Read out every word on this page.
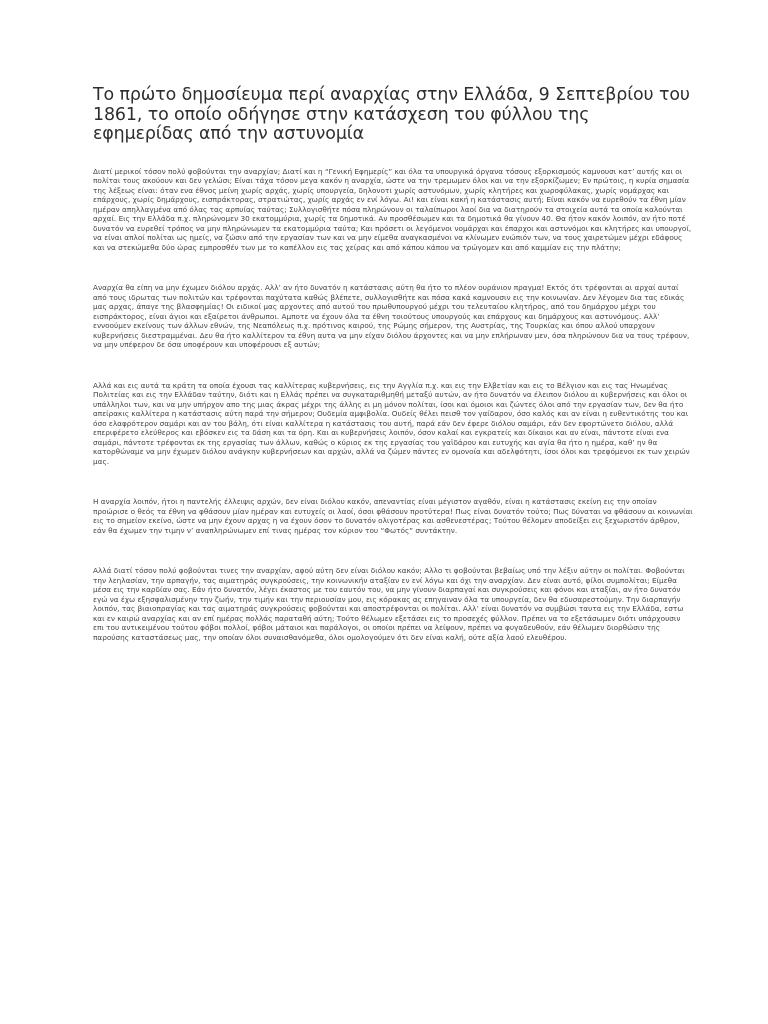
Το πρώτο δημοσίευμα περί αναρχίας στην Ελλάδα, 9 Σεπτεβρίου του 1861, το οποίο οδήγησε στην κατάσχεση του φύλλου της εφημερίδας από την αστυνομία

Διατί μερικοί τόσον πολύ φοβούνται την αναρχίαν; Διατί και η “Γενική Εφημερίς” και όλα τα υπουργικά όργανα τόσους εξορκισμούς καμνουσι κατ’ αυτής και οι πολίται τους ακούουν και δεν γελώσι; Είναι τάχα τόσον μεγα κακόν η αναρχία, ώστε να την τρεμωμεν όλοι και να την εξορκίζωμεν; Εν πρώτοις, η κυρία σημασία της λέξεως είναι: όταν ενα έθνος μείνη χωρίς αρχάς, χωρίς υπουργεία, δηλονοτι χωρίς αστυνόμων, χωρίς κλητήρες και χωροφύλακας, χωρίς νομάρχας και επάρχους, χωρίς δημάρχους, εισπράκτορας, στρατιώτας, χωρίς αρχάς εν ενί λόγω. Αι! και είναι κακή η κατάστασις αυτή; Είναι κακόν να ευρεθούν τα έθνη μίαν ημέραν απηλλαγμένα από όλας τας αρπυίας ταύτας; Συλλογισθήτε πόσα πληρώνουν οι ταλαίπωροι λαοί δια να διατηρούν τα στοιχεία αυτά τα οποία καλούνται αρχαί. Εις την Ελλάδα π.χ. πληρώνομεν 30 εκατομμύρια, χωρίς τα δημοτικά. Αν προσθέσωμεν και τα δημοτικά θα γίνουν 40. Θα ήτον κακόν λοιπόν, αν ήτο ποτέ δυνατόν να ευρεθεί τρόπος να μην πληρώνωμεν τα εκατομμύρια ταύτα; Και πρόσετι οι λεγόμενοι νομάρχαι και έπαρχοι και αστυνόμοι και κλητήρες και υπουργοί, να είναι απλοί πολίται ως ημείς, να ζώσιν από την εργασίαν των και να μην είμεθα αναγκασμένοι να κλίνωμεν ενώπιόν των, να τους χαιρετώμεν μέχρι εδάφους και να στεκώμεθα δύο ώρας εμπροσθέν των με το καπέλλον εις τας χείρας και από κάπου κάπου να τρώγομεν και από καμμίαν εις την πλάτην;

Αναρχία θα είπη να μην έχωμεν διόλου αρχάς. Αλλ’ αν ήτο δυνατόν η κατάστασις αύτη θα ήτο το πλέον ουράνιον πραγμα! Εκτός ότι τρέφονται αι αρχαί αυταί από τους ιδρωτας των πολιτών και τρέφονται παχύτατα καθώς βλέπετε, συλλογισθήτε και πόσα κακά καμνουσιν εις την κοινωνίαν. Δεν λέγομεν δια τας εδικάς μας αρχας, άπαγε της βλασφημίας! Οι ειδικοί μας αρχοντες από αυτού του πρωθυπουργού μέχρι του τελευταίου κλητήρος, από του δημάρχου μέχρι του εισπράκτορος, είναι άγιοι και εξαίρετοι άνθρωποι. Αμποτε να έχουν όλα τα έθνη τοιούτους υπουργούς και επάρχους και δημάρχους και αστυνόμους. Αλλ’ εννοούμεν εκείνους των άλλων εθνών, της Νεαπόλεως π.χ. πρότινος καιρού, της Ρώμης σήμερον, της Αυστρίας, της Τουρκίας και όπου αλλού υπαρχουν κυβερνήσεις διεστραμμέναι. Δευ θα ήτο καλλίτερον τα έθνη αυτα να μην είχαν διόλου άρχοντες και να μην επλήρωναν μεν, όσα πληρώνουν δια να τους τρέφουν, να μην υπέφερον δε όσα υποφέρουν και υποφέρουσι εξ αυτών;

Αλλά και εις αυτά τα κράτη τα οποία έχουσι τας καλλίτερας κυβερνήσεις, εις την Αγγλία π.χ. και εις την Ελβετίαν και εις το Βέλγιον και εις τας Ηνωμένας Πολιτείας και εις την Ελλάδαν ταύτην, διότι και η Ελλάς πρέπει να συγκαταριθμηθή μεταξύ αυτών, αν ήτο δυνατόν να έλειπον διόλου αι κυβερνήσεις και όλοι οι υπάλληλοι των, και να μην υπήρχον απο της μιας άκρας μέχρι της άλλης ει μη μόνον πολίται, ίσοι και όμοιοι και ζώντες όλοι από την εργασίαν των, δεν θα ήτο απείρακις καλλίτερα η κατάστασις αύτη παρά την σήμερον; Ουδεμία αμφιβολία. Ουδείς θέλει πεισθ τον γαίδαρον, όσο καλός και αν είναι η ευθεντικότης του και όσο ελαφρότερον σαμάρι και αν του βάλη, ότι είναι καλλίτερα η κατάστασις του αυτή, παρά εάν δεν έφερε διόλου σαμάρι, εάν δεν εφορτώνετο διόλου, αλλά επεριφέρετο ελεύθερος και εβόσκεν εις τα δάση και τα όρη. Και αι κυβερνήσεις λοιπόν, όσον καλαί και εγκρατείς και δίκαιοι και αν είναι, πάντοτε είναι ενα σαμάρι, πάντοτε τρέφονται εκ της εργασίας των άλλων, καθώς ο κύριος εκ της εργασίας του γαϊδάρου και ευτυχής και αγία θα ήτο η ημέρα, καθ’ ην θα κατορθώναμε να μην έχωμεν διόλου ανάγκην κυβερνήσεων και αρχών, αλλά να ζώμεν πάντες εν ομονοία και αδελφότητι, ίσοι όλοι και τρεφόμενοι εκ των χειρών μας.

Η αναρχία λοιπόν, ήτοι η παντελής έλλειψις αρχών, δεν είναι διόλου κακόν, απεναντίας είναι μέγιστον αγαθόν, είναι η κατάστασις εκείνη εις την οποίαν προώρισε ο θεός τα έθνη να φθάσουν μίαν ημέραν και ευτυχείς οι λαοί, όσοι φθάσουν προτύτερα! Πως είναι δυνατόν τούτο; Πως δύναται να φθάσουν αι κοινωνίαι εις το σημείον εκείνο, ώστε να μην έχουν αρχας η να έχουν όσον το δυνατόν ολιγοτέρας και ασθενεστέρας; Τούτου θέλομεν αποδείξει εις ξεχωριστόν άρθρον, εάν θα έχωμεν την τιμην ν’ αναπληρώνωμεν επί τινας ημέρας τον κύριον του “Φωτός” συντάκτην.

Αλλά διατί τόσον πολύ φοβούνται τινες την αναρχίαν, αφού αύτη δεν είναι διόλου κακόν; Αλλο τι φοβούνται βεβαίως υπό την λέξιν αύτην οι πολίται. Φοβούνται την λεηλασίαν, την αρπαγήν, τας αιματηράς συγκρούσεις, την κοινωνικήν αταξίαν εν ενί λόγω και όχι την αναρχίαν. Δεν είναι αυτό, φίλοι συμπολίται; Είμεθα μέσα εις την καρδίαν σας. Εάν ήτο δυνατόν, λέγει έκαστος με του εαυτόν του, να μην γίνουν διαρπαγαί και συγκρούσεις και φόνοι και αταξίαι, αν ήτο δυνατόν εγώ να έχω εξησφαλισμένην την ζωήν, την τιμήν και την περιουσίαν μου, εις κόρακας ας επηγαιναν όλα τα υπουργεία, δεν θα εδυσαρεστούμην. Την διαρπαγήν λοιπόν, τας βιαιοπραγίας και τας αιματηράς συγκρούσεις φοβούνται και αποστρέφονται οι πολίται. Αλλ’ είναι δυνατόν να συμβώσι ταυτα εις την Ελλάδα, εστω και εν καιρώ αναρχίας και αν επί ημέρας πολλάς παραταθή αύτη; Τούτο θέλωμεν εξετάσει εις το προσεχές φύλλον. Πρέπει να το εξετάσωμεν διότι υπάρχουσιν επι του αντικειμένου τούτου φόβοι πολλοί, φόβοι μάταιοι και παράλογοι, οι οποίοι πρέπει να λείψουν, πρέπει να φυγαδευθούν, εάν θέλωμεν διορθώσιν της παρούσης καταστάσεως μας, την οποίαν όλοι συναισθανόμεθα, όλοι ομολογούμεν ότι δεν είναι καλή, ούτε αξία λαού ελευθέρου.
